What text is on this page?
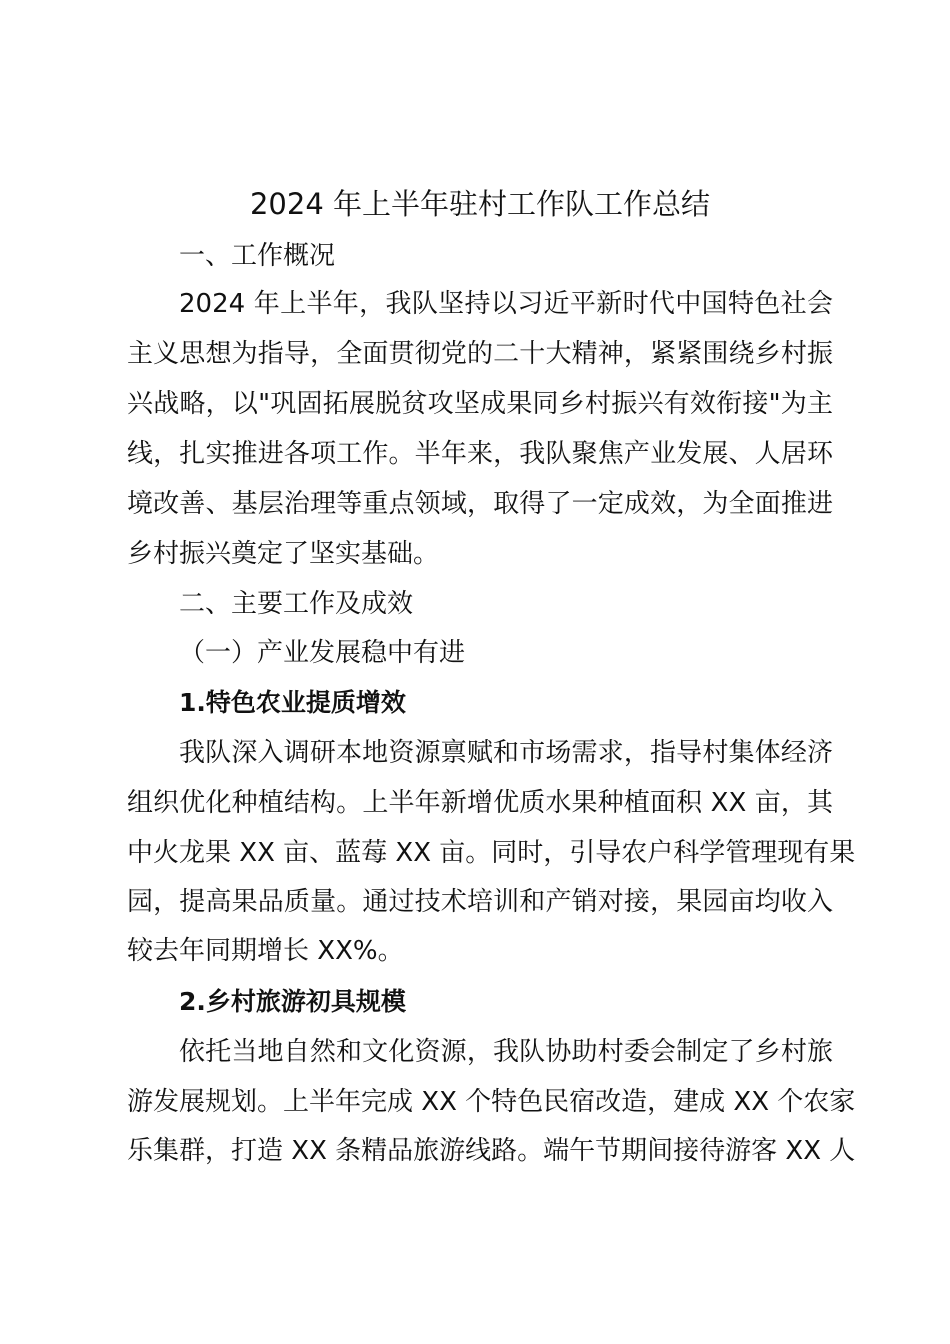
2024 年上半年驻村工作队工作总结
一、工作概况
2024 年上半年，我队坚持以习近平新时代中国特色社会
主义思想为指导，全面贯彻党的二十大精神，紧紧围绕乡村振
兴战略，以"巩固拓展脱贫攻坚成果同乡村振兴有效衔接"为主
线，扎实推进各项工作。半年来，我队聚焦产业发展、人居环
境改善、基层治理等重点领域，取得了一定成效，为全面推进
乡村振兴奠定了坚实基础。
二、主要工作及成效
（一）产业发展稳中有进
1.特色农业提质增效
我队深入调研本地资源禀赋和市场需求，指导村集体经济
组织优化种植结构。上半年新增优质水果种植面积 XX 亩，其
中火龙果 XX 亩、蓝莓 XX 亩。同时，引导农户科学管理现有果
园，提高果品质量。通过技术培训和产销对接，果园亩均收入
较去年同期增长 XX%。
2.乡村旅游初具规模
依托当地自然和文化资源，我队协助村委会制定了乡村旅
游发展规划。上半年完成 XX 个特色民宿改造，建成 XX 个农家
乐集群，打造 XX 条精品旅游线路。端午节期间接待游客 XX 人
